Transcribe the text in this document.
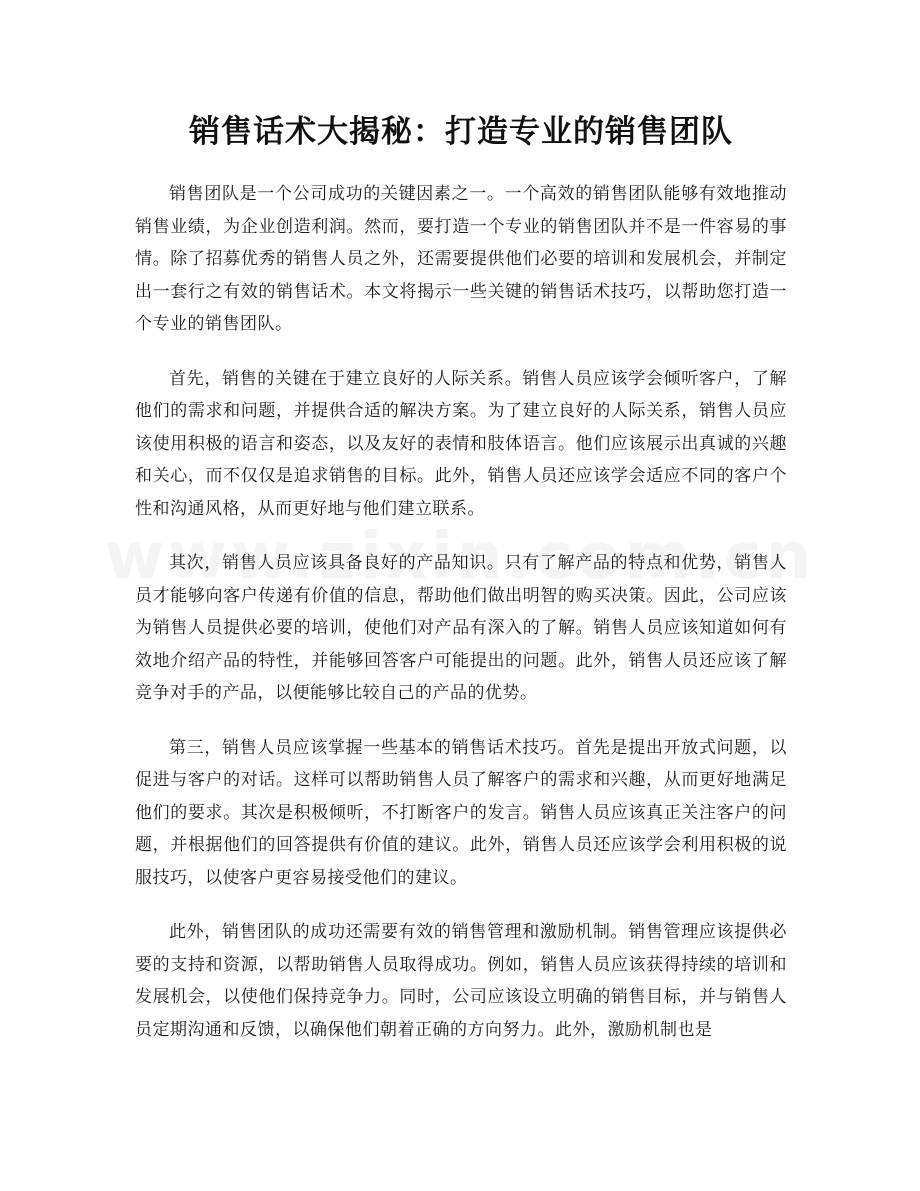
销售话术大揭秘：打造专业的销售团队

销售团队是一个公司成功的关键因素之一。一个高效的销售团队能够有效地推动销售业绩，为企业创造利润。然而，要打造一个专业的销售团队并不是一件容易的事情。除了招募优秀的销售人员之外，还需要提供他们必要的培训和发展机会，并制定出一套行之有效的销售话术。本文将揭示一些关键的销售话术技巧，以帮助您打造一个专业的销售团队。

首先，销售的关键在于建立良好的人际关系。销售人员应该学会倾听客户，了解他们的需求和问题，并提供合适的解决方案。为了建立良好的人际关系，销售人员应该使用积极的语言和姿态，以及友好的表情和肢体语言。他们应该展示出真诚的兴趣和关心，而不仅仅是追求销售的目标。此外，销售人员还应该学会适应不同的客户个性和沟通风格，从而更好地与他们建立联系。

其次，销售人员应该具备良好的产品知识。只有了解产品的特点和优势，销售人员才能够向客户传递有价值的信息，帮助他们做出明智的购买决策。因此，公司应该为销售人员提供必要的培训，使他们对产品有深入的了解。销售人员应该知道如何有效地介绍产品的特性，并能够回答客户可能提出的问题。此外，销售人员还应该了解竞争对手的产品，以便能够比较自己的产品的优势。

第三，销售人员应该掌握一些基本的销售话术技巧。首先是提出开放式问题，以促进与客户的对话。这样可以帮助销售人员了解客户的需求和兴趣，从而更好地满足他们的要求。其次是积极倾听，不打断客户的发言。销售人员应该真正关注客户的问题，并根据他们的回答提供有价值的建议。此外，销售人员还应该学会利用积极的说服技巧，以使客户更容易接受他们的建议。

此外，销售团队的成功还需要有效的销售管理和激励机制。销售管理应该提供必要的支持和资源，以帮助销售人员取得成功。例如，销售人员应该获得持续的培训和发展机会，以使他们保持竞争力。同时，公司应该设立明确的销售目标，并与销售人员定期沟通和反馈，以确保他们朝着正确的方向努力。此外，激励机制也是
